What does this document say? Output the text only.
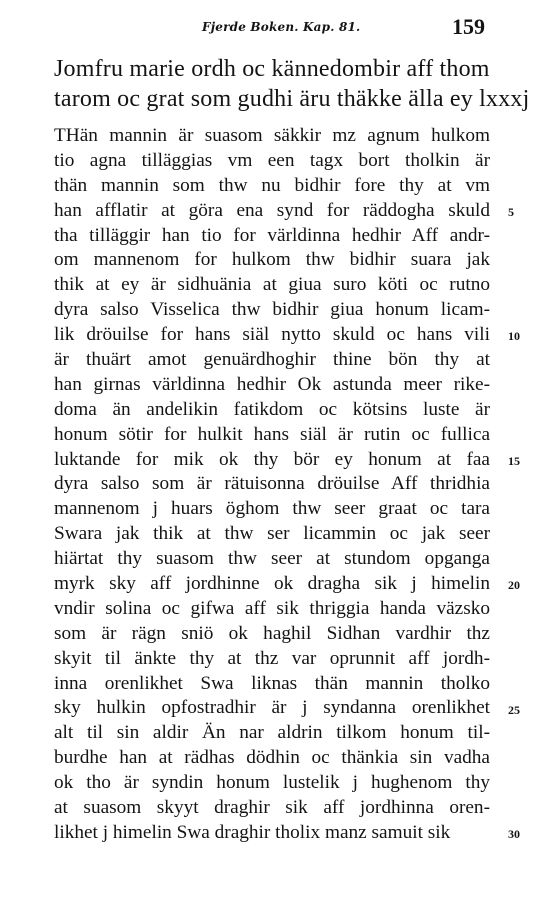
Fjerde Boken. Kap. 81.	159
Jomfru marie ordh oc kännedombir aff thom
tarom oc grat som gudhi äru thäkke älla ey lxxxj
THän mannin är suasom säkkir mz agnum hulkom
tio agna tilläggias vm een tagx bort tholkin är
thän mannin som thw nu bidhir fore thy at vm
han afflatir at göra ena synd for räddogha skuld
tha tilläggir han tio for världinna hedhir Aff andr-
om mannenom for hulkom thw bidhir suara jak
thik at ey är sidhuänia at giua suro köti oc rutno
dyra salso Visselica thw bidhir giua honum licam-
lik dröuilse for hans siäl nytto skuld oc hans vili
är thuärt amot genuärdhoghir thine bön thy at
han girnas världinna hedhir Ok astunda meer rike-
doma än andelikin fatikdom oc kötsins luste är
honum sötir for hulkit hans siäl är rutin oc fullica
luktande for mik ok thy bör ey honum at faa
dyra salso som är rätuisonna dröuilse Aff thridhia
mannenom j huars öghom thw seer graat oc tara
Swara jak thik at thw ser licammin oc jak seer
hiärtat thy suasom thw seer at stundom opganga
myrk sky aff jordhinne ok dragha sik j himelin
vndir solina oc gifwa aff sik thriggia handa väzsko
som är rägn sniö ok haghil Sidhan vardhir thz
skyit til änkte thy at thz var oprunnit aff jordh-
inna orenlikhet Swa liknas thän mannin tholko
sky hulkin opfostradhir är j syndanna orenlikhet
alt til sin aldir Än nar aldrin tilkom honum til-
burdhe han at rädhas dödhin oc thänkia sin vadha
ok tho är syndin honum lustelik j hughenom thy
at suasom skyyt draghir sik aff jordhinna oren-
likhet j himelin Swa draghir tholix manz samuit sik
5
10
15
20
25
30
